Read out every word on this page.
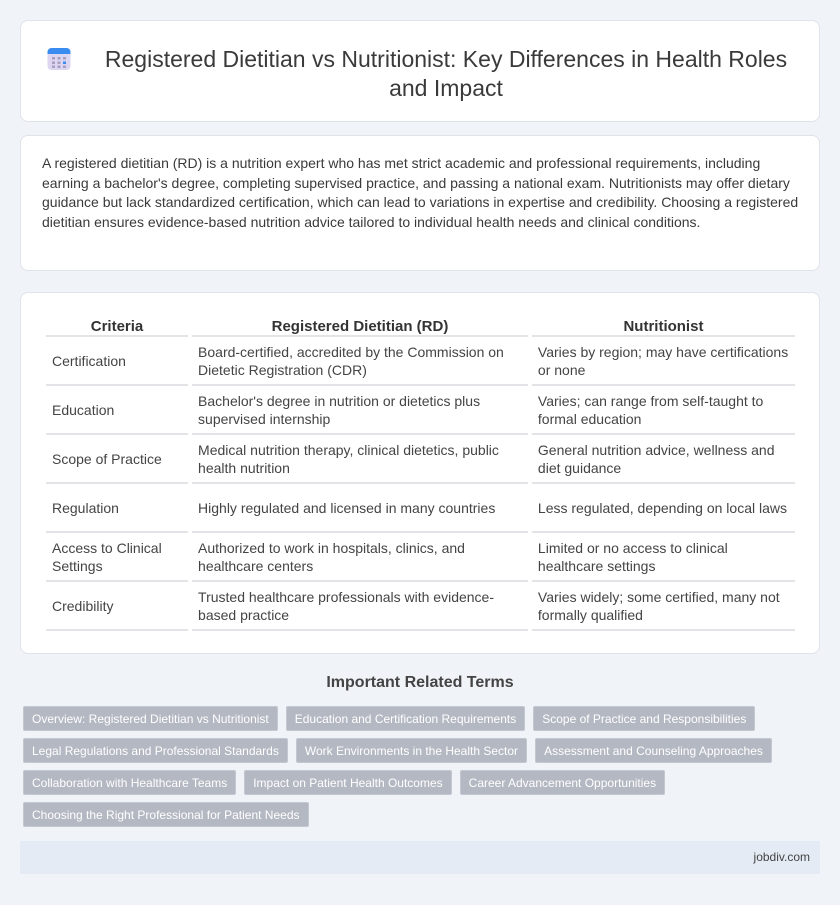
Registered Dietitian vs Nutritionist: Key Differences in Health Roles and Impact

A registered dietitian (RD) is a nutrition expert who has met strict academic and professional requirements, including earning a bachelor's degree, completing supervised practice, and passing a national exam. Nutritionists may offer dietary guidance but lack standardized certification, which can lead to variations in expertise and credibility. Choosing a registered dietitian ensures evidence-based nutrition advice tailored to individual health needs and clinical conditions.

Criteria	Registered Dietitian (RD)	Nutritionist
Certification	Board-certified, accredited by the Commission on Dietetic Registration (CDR)	Varies by region; may have certifications or none
Education	Bachelor's degree in nutrition or dietetics plus supervised internship	Varies; can range from self-taught to formal education
Scope of Practice	Medical nutrition therapy, clinical dietetics, public health nutrition	General nutrition advice, wellness and diet guidance
Regulation	Highly regulated and licensed in many countries	Less regulated, depending on local laws
Access to Clinical Settings	Authorized to work in hospitals, clinics, and healthcare centers	Limited or no access to clinical healthcare settings
Credibility	Trusted healthcare professionals with evidence-based practice	Varies widely; some certified, many not formally qualified
Important Related Terms
Overview: Registered Dietitian vs Nutritionist	Education and Certification Requirements	Scope of Practice and Responsibilities
Legal Regulations and Professional Standards	Work Environments in the Health Sector	Assessment and Counseling Approaches
Collaboration with Healthcare Teams	Impact on Patient Health Outcomes	Career Advancement Opportunities
Choosing the Right Professional for Patient Needs
jobdiv.com
